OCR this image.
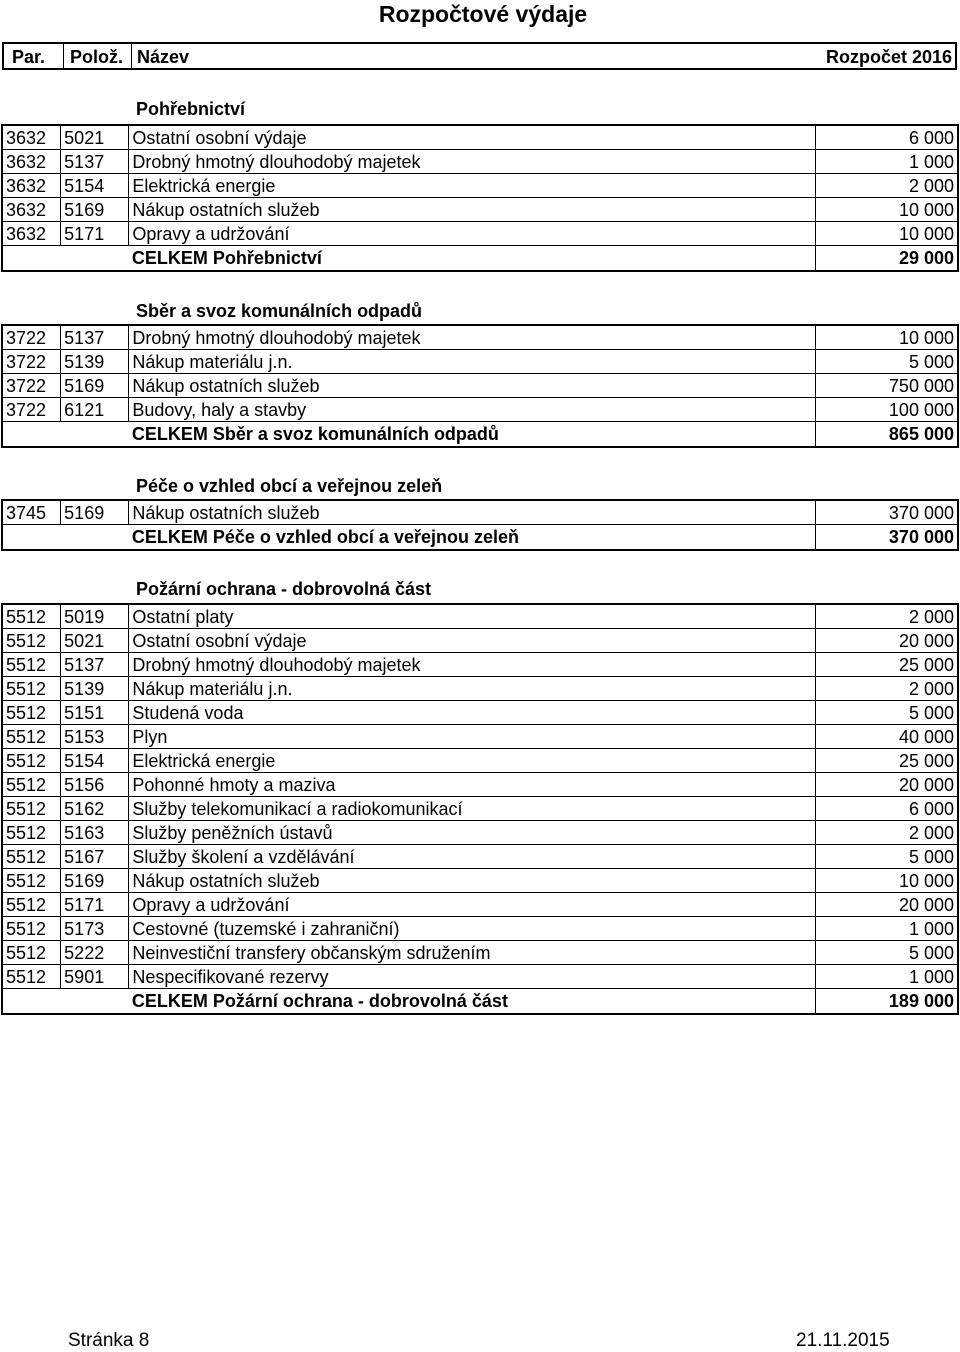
Rozpočtové výdaje
Par. Polož. Název	Rozpočet 2016
Pohřebnictví
3632	5021	Ostatní osobní výdaje	6 000
3632	5137	Drobný hmotný dlouhodobý majetek	1 000
3632	5154	Elektrická energie	2 000
3632	5169	Nákup ostatních služeb	10 000
3632	5171	Opravy a udržování	10 000
		CELKEM Pohřebnictví	29 000
Sběr a svoz komunálních odpadů
3722	5137	Drobný hmotný dlouhodobý majetek	10 000
3722	5139	Nákup materiálu j.n.	5 000
3722	5169	Nákup ostatních služeb	750 000
3722	6121	Budovy, haly a stavby	100 000
		CELKEM Sběr a svoz komunálních odpadů	865 000
Péče o vzhled obcí a veřejnou zeleň
3745	5169	Nákup ostatních služeb	370 000
		CELKEM Péče o vzhled obcí a veřejnou zeleň	370 000
Požární ochrana - dobrovolná část
5512	5019	Ostatní platy	2 000
5512	5021	Ostatní osobní výdaje	20 000
5512	5137	Drobný hmotný dlouhodobý majetek	25 000
5512	5139	Nákup materiálu j.n.	2 000
5512	5151	Studená voda	5 000
5512	5153	Plyn	40 000
5512	5154	Elektrická energie	25 000
5512	5156	Pohonné hmoty a maziva	20 000
5512	5162	Služby telekomunikací a radiokomunikací	6 000
5512	5163	Služby peněžních ústavů	2 000
5512	5167	Služby školení a vzdělávání	5 000
5512	5169	Nákup ostatních služeb	10 000
5512	5171	Opravy a udržování	20 000
5512	5173	Cestovné (tuzemské i zahraniční)	1 000
5512	5222	Neinvestiční transfery občanským sdružením	5 000
5512	5901	Nespecifikované rezervy	1 000
		CELKEM Požární ochrana - dobrovolná část	189 000
Stránka 8	21.11.2015
